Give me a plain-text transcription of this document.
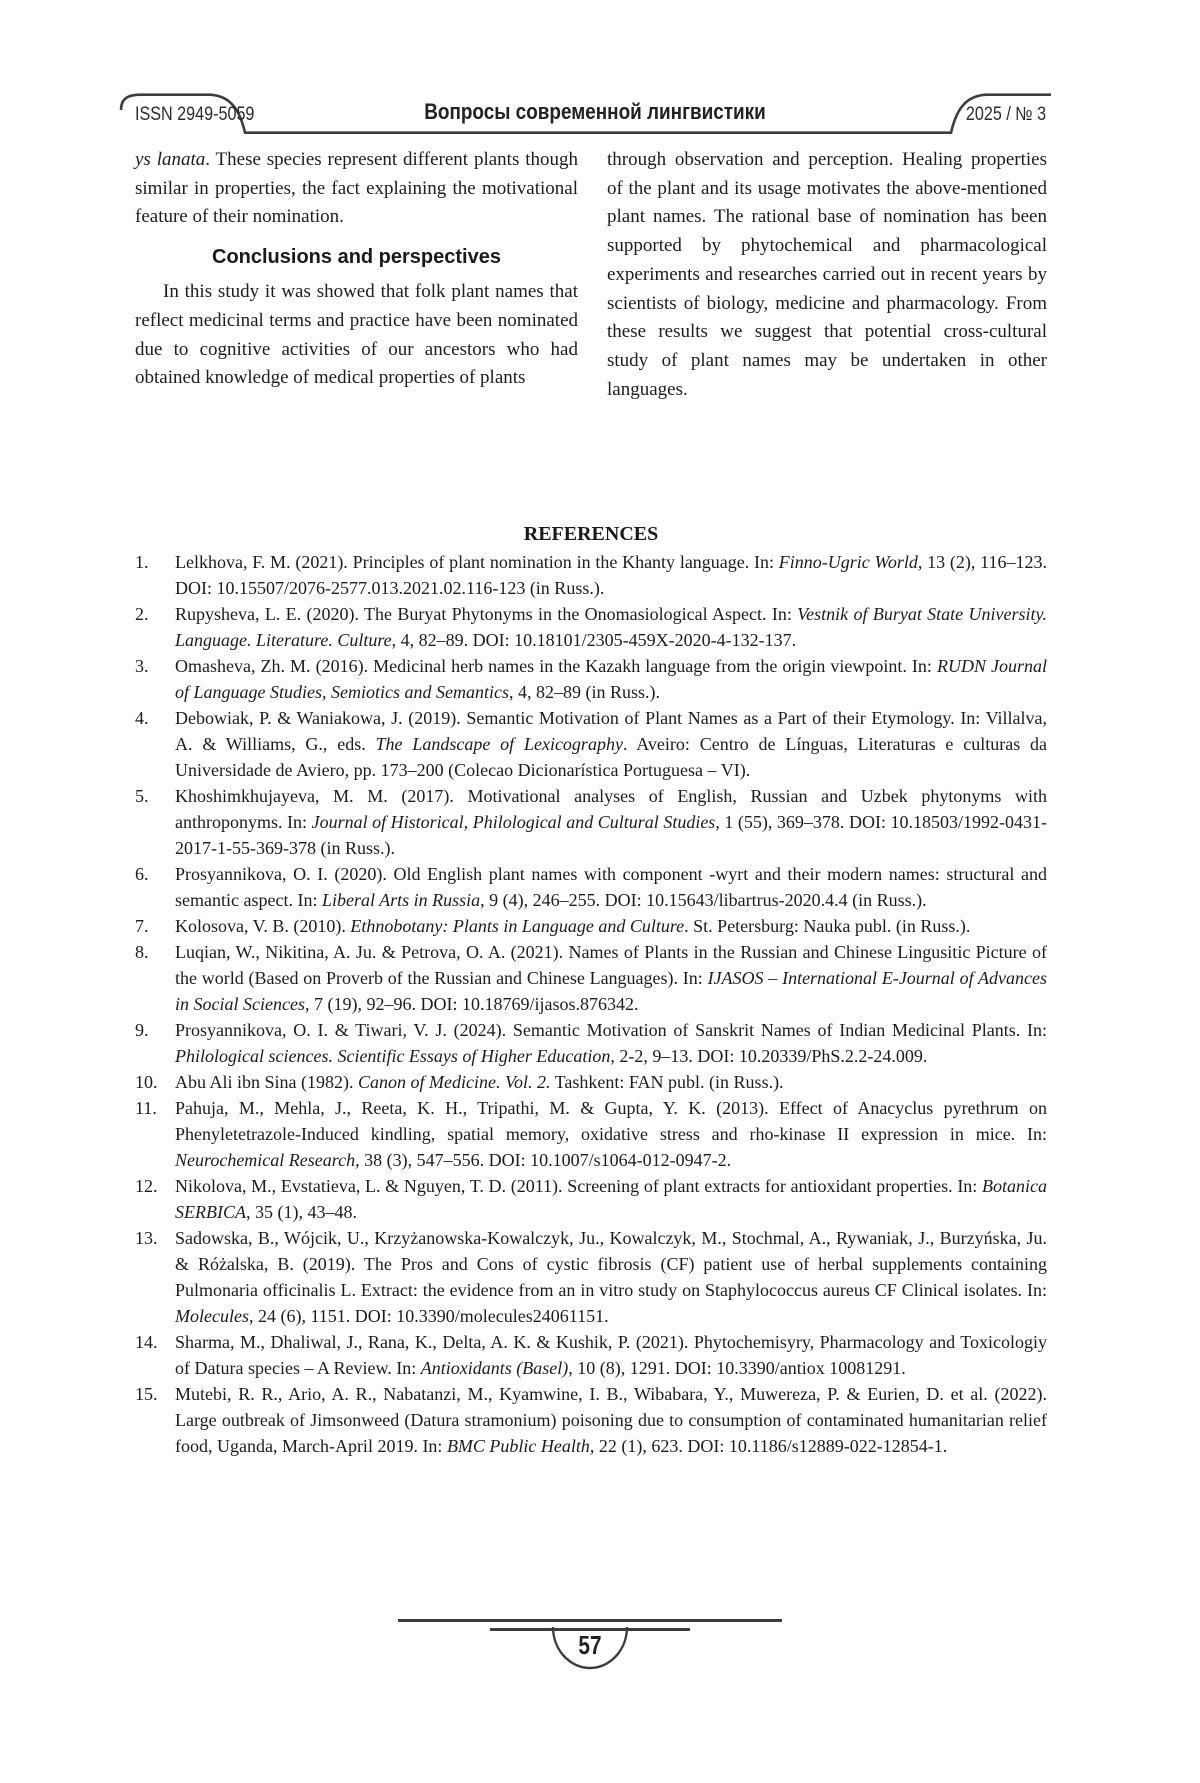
ISSN 2949-5059	Вопросы современной лингвистики	2025 / № 3

ys lanata. These species represent different plants though similar in properties, the fact explaining the motivational feature of their nomination.

Conclusions and perspectives

In this study it was showed that folk plant names that reflect medicinal terms and practice have been nominated due to cognitive activities of our ancestors who had obtained knowledge of medical properties of plants

through observation and perception. Healing properties of the plant and its usage motivates the above-mentioned plant names. The rational base of nomination has been supported by phytochemical and pharmacological experiments and researches carried out in recent years by scientists of biology, medicine and pharmacology. From these results we suggest that potential cross-cultural study of plant names may be undertaken in other languages.

REFERENCES
1. Lelkhova, F. M. (2021). Principles of plant nomination in the Khanty language. In: Finno-Ugric World, 13 (2), 116–123. DOI: 10.15507/2076-2577.013.2021.02.116-123 (in Russ.).
2. Rupysheva, L. E. (2020). The Buryat Phytonyms in the Onomasiological Aspect. In: Vestnik of Buryat State University. Language. Literature. Culture, 4, 82–89. DOI: 10.18101/2305-459X-2020-4-132-137.
3. Omasheva, Zh. M. (2016). Medicinal herb names in the Kazakh language from the origin viewpoint. In: RUDN Journal of Language Studies, Semiotics and Semantics, 4, 82–89 (in Russ.).
4. Debowiak, P. & Waniakowa, J. (2019). Semantic Motivation of Plant Names as a Part of their Etymology. In: Villalva, A. & Williams, G., eds. The Landscape of Lexicography. Aveiro: Centro de Línguas, Literaturas e culturas da Universidade de Aviero, pp. 173–200 (Colecao Dicionarística Portuguesa – VI).
5. Khoshimkhujayeva, M. M. (2017). Motivational analyses of English, Russian and Uzbek phytonyms with anthroponyms. In: Journal of Historical, Philological and Cultural Studies, 1 (55), 369–378. DOI: 10.18503/1992-0431-2017-1-55-369-378 (in Russ.).
6. Prosyannikova, O. I. (2020). Old English plant names with component -wyrt and their modern names: structural and semantic aspect. In: Liberal Arts in Russia, 9 (4), 246–255. DOI: 10.15643/libartrus-2020.4.4 (in Russ.).
7. Kolosova, V. B. (2010). Ethnobotany: Plants in Language and Culture. St. Petersburg: Nauka publ. (in Russ.).
8. Luqian, W., Nikitina, A. Ju. & Petrova, O. A. (2021). Names of Plants in the Russian and Chinese Lingusitic Picture of the world (Based on Proverb of the Russian and Chinese Languages). In: IJASOS – International E-Journal of Advances in Social Sciences, 7 (19), 92–96. DOI: 10.18769/ijasos.876342.
9. Prosyannikova, O. I. & Tiwari, V. J. (2024). Semantic Motivation of Sanskrit Names of Indian Medicinal Plants. In: Philological sciences. Scientific Essays of Higher Education, 2-2, 9–13. DOI: 10.20339/PhS.2.2-24.009.
10. Abu Ali ibn Sina (1982). Canon of Medicine. Vol. 2. Tashkent: FAN publ. (in Russ.).
11. Pahuja, M., Mehla, J., Reeta, K. H., Tripathi, M. & Gupta, Y. K. (2013). Effect of Anacyclus pyrethrum on Phenyletetrazole-Induced kindling, spatial memory, oxidative stress and rho-kinase II expression in mice. In: Neurochemical Research, 38 (3), 547–556. DOI: 10.1007/s1064-012-0947-2.
12. Nikolova, M., Evstatieva, L. & Nguyen, T. D. (2011). Screening of plant extracts for antioxidant properties. In: Botanica SERBICA, 35 (1), 43–48.
13. Sadowska, B., Wójcik, U., Krzyżanowska-Kowalczyk, Ju., Kowalczyk, M., Stochmal, A., Rywaniak, J., Burzyńska, Ju. & Różalska, B. (2019). The Pros and Cons of cystic fibrosis (CF) patient use of herbal supplements containing Pulmonaria officinalis L. Extract: the evidence from an in vitro study on Staphylococcus aureus CF Clinical isolates. In: Molecules, 24 (6), 1151. DOI: 10.3390/molecules24061151.
14. Sharma, M., Dhaliwal, J., Rana, K., Delta, A. K. & Kushik, P. (2021). Phytochemisyry, Pharmacology and Toxicologiy of Datura species – A Review. In: Antioxidants (Basel), 10 (8), 1291. DOI: 10.3390/antiox 10081291.
15. Mutebi, R. R., Ario, A. R., Nabatanzi, M., Kyamwine, I. B., Wibabara, Y., Muwereza, P. & Eurien, D. et al. (2022). Large outbreak of Jimsonweed (Datura stramonium) poisoning due to consumption of contaminated humanitarian relief food, Uganda, March-April 2019. In: BMC Public Health, 22 (1), 623. DOI: 10.1186/s12889-022-12854-1.
57
